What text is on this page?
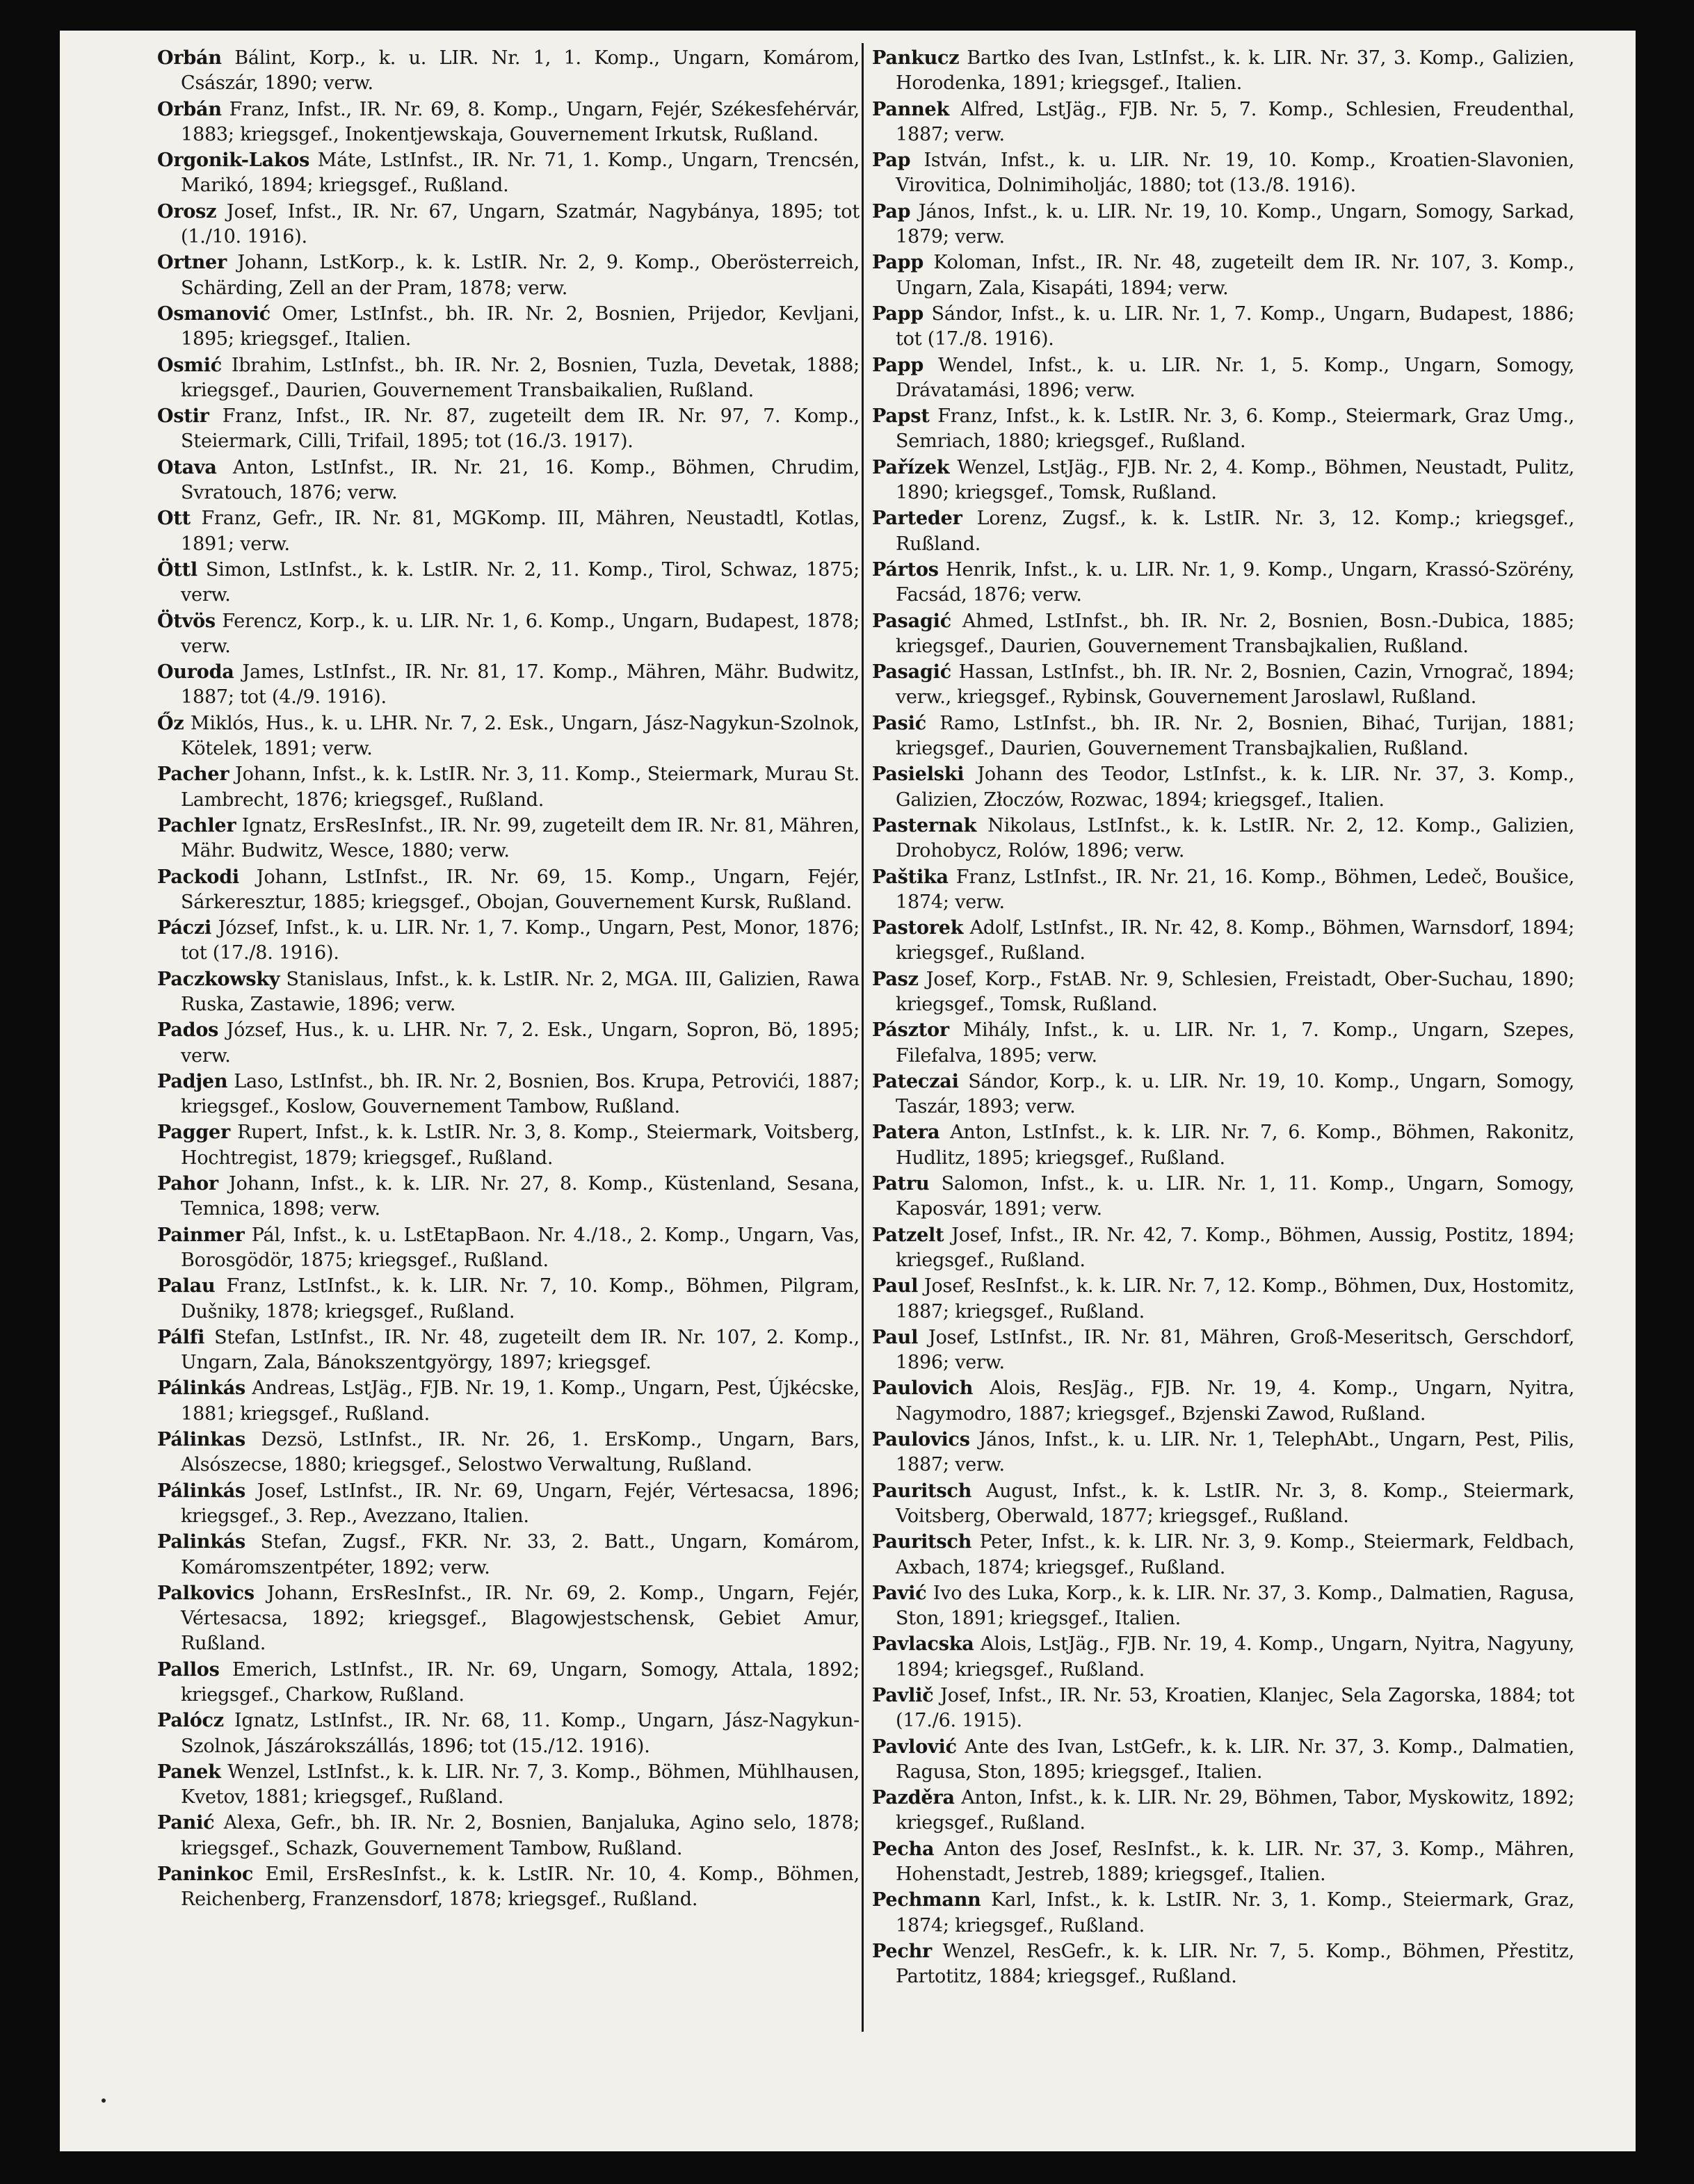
Orbán Bálint, Korp., k. u. LIR. Nr. 1, 1. Komp., Ungarn, Komárom, Császár, 1890; verw.

Orbán Franz, Infst., IR. Nr. 69, 8. Komp., Ungarn, Fejér, Székesfehérvár, 1883; kriegsgef., Inokentjewskaja, Gouvernement Irkutsk, Rußland.

Orgonik-Lakos Máte, LstInfst., IR. Nr. 71, 1. Komp., Ungarn, Trencsén, Marikó, 1894; kriegsgef., Rußland.

Orosz Josef, Infst., IR. Nr. 67, Ungarn, Szatmár, Nagybánya, 1895; tot (1./10. 1916).

Ortner Johann, LstKorp., k. k. LstIR. Nr. 2, 9. Komp., Oberösterreich, Schärding, Zell an der Pram, 1878; verw.

Osmanović Omer, LstInfst., bh. IR. Nr. 2, Bosnien, Prijedor, Kevljani, 1895; kriegsgef., Italien.

Osmić Ibrahim, LstInfst., bh. IR. Nr. 2, Bosnien, Tuzla, Devetak, 1888; kriegsgef., Daurien, Gouvernement Transbaikalien, Rußland.

Ostir Franz, Infst., IR. Nr. 87, zugeteilt dem IR. Nr. 97, 7. Komp., Steiermark, Cilli, Trifail, 1895; tot (16./3. 1917).

Otava Anton, LstInfst., IR. Nr. 21, 16. Komp., Böhmen, Chrudim, Svratouch, 1876; verw.

Ott Franz, Gefr., IR. Nr. 81, MGKomp. III, Mähren, Neustadtl, Kotlas, 1891; verw.

Öttl Simon, LstInfst., k. k. LstIR. Nr. 2, 11. Komp., Tirol, Schwaz, 1875; verw.

Ötvös Ferencz, Korp., k. u. LIR. Nr. 1, 6. Komp., Ungarn, Budapest, 1878; verw.

Ouroda James, LstInfst., IR. Nr. 81, 17. Komp., Mähren, Mähr. Budwitz, 1887; tot (4./9. 1916).

Őz Miklós, Hus., k. u. LHR. Nr. 7, 2. Esk., Ungarn, Jász-Nagykun-Szolnok, Kötelek, 1891; verw.

Pacher Johann, Infst., k. k. LstIR. Nr. 3, 11. Komp., Steiermark, Murau St. Lambrecht, 1876; kriegsgef., Rußland.

Pachler Ignatz, ErsResInfst., IR. Nr. 99, zugeteilt dem IR. Nr. 81, Mähren, Mähr. Budwitz, Wesce, 1880; verw.

Packodi Johann, LstInfst., IR. Nr. 69, 15. Komp., Ungarn, Fejér, Sárkeresztur, 1885; kriegsgef., Obojan, Gouvernement Kursk, Rußland.

Páczi József, Infst., k. u. LIR. Nr. 1, 7. Komp., Ungarn, Pest, Monor, 1876; tot (17./8. 1916).

Paczkowsky Stanislaus, Infst., k. k. LstIR. Nr. 2, MGA. III, Galizien, Rawa Ruska, Zastawie, 1896; verw.

Pados József, Hus., k. u. LHR. Nr. 7, 2. Esk., Ungarn, Sopron, Bö, 1895; verw.

Padjen Laso, LstInfst., bh. IR. Nr. 2, Bosnien, Bos. Krupa, Petrovići, 1887; kriegsgef., Koslow, Gouvernement Tambow, Rußland.

Pagger Rupert, Infst., k. k. LstIR. Nr. 3, 8. Komp., Steiermark, Voitsberg, Hochtregist, 1879; kriegsgef., Rußland.

Pahor Johann, Infst., k. k. LIR. Nr. 27, 8. Komp., Küstenland, Sesana, Temnica, 1898; verw.

Painmer Pál, Infst., k. u. LstEtapBaon. Nr. 4./18., 2. Komp., Ungarn, Vas, Borosgödör, 1875; kriegsgef., Rußland.

Palau Franz, LstInfst., k. k. LIR. Nr. 7, 10. Komp., Böhmen, Pilgram, Dušniky, 1878; kriegsgef., Rußland.

Pálfi Stefan, LstInfst., IR. Nr. 48, zugeteilt dem IR. Nr. 107, 2. Komp., Ungarn, Zala, Bánokszentgyörgy, 1897; kriegsgef.

Pálinkás Andreas, LstJäg., FJB. Nr. 19, 1. Komp., Ungarn, Pest, Újkécske, 1881; kriegsgef., Rußland.

Pálinkas Dezsö, LstInfst., IR. Nr. 26, 1. ErsKomp., Ungarn, Bars, Alsószecse, 1880; kriegsgef., Selostwo Verwaltung, Rußland.

Pálinkás Josef, LstInfst., IR. Nr. 69, Ungarn, Fejér, Vértesacsa, 1896; kriegsgef., 3. Rep., Avezzano, Italien.

Palinkás Stefan, Zugsf., FKR. Nr. 33, 2. Batt., Ungarn, Komárom, Komáromszentpéter, 1892; verw.

Palkovics Johann, ErsResInfst., IR. Nr. 69, 2. Komp., Ungarn, Fejér, Vértesacsa, 1892; kriegsgef., Blagowjestschensk, Gebiet Amur, Rußland.

Pallos Emerich, LstInfst., IR. Nr. 69, Ungarn, Somogy, Attala, 1892; kriegsgef., Charkow, Rußland.

Palócz Ignatz, LstInfst., IR. Nr. 68, 11. Komp., Ungarn, Jász-Nagykun-Szolnok, Jászárokszállás, 1896; tot (15./12. 1916).

Panek Wenzel, LstInfst., k. k. LIR. Nr. 7, 3. Komp., Böhmen, Mühlhausen, Kvetov, 1881; kriegsgef., Rußland.

Panić Alexa, Gefr., bh. IR. Nr. 2, Bosnien, Banjaluka, Agino selo, 1878; kriegsgef., Schazk, Gouvernement Tambow, Rußland.

Paninkoc Emil, ErsResInfst., k. k. LstIR. Nr. 10, 4. Komp., Böhmen, Reichenberg, Franzensdorf, 1878; kriegsgef., Rußland.

Pankucz Bartko des Ivan, LstInfst., k. k. LIR. Nr. 37, 3. Komp., Galizien, Horodenka, 1891; kriegsgef., Italien.

Pannek Alfred, LstJäg., FJB. Nr. 5, 7. Komp., Schlesien, Freudenthal, 1887; verw.

Pap István, Infst., k. u. LIR. Nr. 19, 10. Komp., Kroatien-Slavonien, Virovitica, Dolnimiholjác, 1880; tot (13./8. 1916).

Pap János, Infst., k. u. LIR. Nr. 19, 10. Komp., Ungarn, Somogy, Sarkad, 1879; verw.

Papp Koloman, Infst., IR. Nr. 48, zugeteilt dem IR. Nr. 107, 3. Komp., Ungarn, Zala, Kisapáti, 1894; verw.

Papp Sándor, Infst., k. u. LIR. Nr. 1, 7. Komp., Ungarn, Budapest, 1886; tot (17./8. 1916).

Papp Wendel, Infst., k. u. LIR. Nr. 1, 5. Komp., Ungarn, Somogy, Drávatamási, 1896; verw.

Papst Franz, Infst., k. k. LstIR. Nr. 3, 6. Komp., Steiermark, Graz Umg., Semriach, 1880; kriegsgef., Rußland.

Pařízek Wenzel, LstJäg., FJB. Nr. 2, 4. Komp., Böhmen, Neustadt, Pulitz, 1890; kriegsgef., Tomsk, Rußland.

Parteder Lorenz, Zugsf., k. k. LstIR. Nr. 3, 12. Komp.; kriegsgef., Rußland.

Pártos Henrik, Infst., k. u. LIR. Nr. 1, 9. Komp., Ungarn, Krassó-Szörény, Facsád, 1876; verw.

Pasagić Ahmed, LstInfst., bh. IR. Nr. 2, Bosnien, Bosn.-Dubica, 1885; kriegsgef., Daurien, Gouvernement Transbajkalien, Rußland.

Pasagić Hassan, LstInfst., bh. IR. Nr. 2, Bosnien, Cazin, Vrnograč, 1894; verw., kriegsgef., Rybinsk, Gouvernement Jaroslawl, Rußland.

Pasić Ramo, LstInfst., bh. IR. Nr. 2, Bosnien, Bihać, Turijan, 1881; kriegsgef., Daurien, Gouvernement Transbajkalien, Rußland.

Pasielski Johann des Teodor, LstInfst., k. k. LIR. Nr. 37, 3. Komp., Galizien, Złoczów, Rozwac, 1894; kriegsgef., Italien.

Pasternak Nikolaus, LstInfst., k. k. LstIR. Nr. 2, 12. Komp., Galizien, Drohobycz, Rolów, 1896; verw.

Paštika Franz, LstInfst., IR. Nr. 21, 16. Komp., Böhmen, Ledeč, Boušice, 1874; verw.

Pastorek Adolf, LstInfst., IR. Nr. 42, 8. Komp., Böhmen, Warnsdorf, 1894; kriegsgef., Rußland.

Pasz Josef, Korp., FstAB. Nr. 9, Schlesien, Freistadt, Ober-Suchau, 1890; kriegsgef., Tomsk, Rußland.

Pásztor Mihály, Infst., k. u. LIR. Nr. 1, 7. Komp., Ungarn, Szepes, Filefalva, 1895; verw.

Pateczai Sándor, Korp., k. u. LIR. Nr. 19, 10. Komp., Ungarn, Somogy, Taszár, 1893; verw.

Patera Anton, LstInfst., k. k. LIR. Nr. 7, 6. Komp., Böhmen, Rakonitz, Hudlitz, 1895; kriegsgef., Rußland.

Patru Salomon, Infst., k. u. LIR. Nr. 1, 11. Komp., Ungarn, Somogy, Kaposvár, 1891; verw.

Patzelt Josef, Infst., IR. Nr. 42, 7. Komp., Böhmen, Aussig, Postitz, 1894; kriegsgef., Rußland.

Paul Josef, ResInfst., k. k. LIR. Nr. 7, 12. Komp., Böhmen, Dux, Hostomitz, 1887; kriegsgef., Rußland.

Paul Josef, LstInfst., IR. Nr. 81, Mähren, Groß-Meseritsch, Gerschdorf, 1896; verw.

Paulovich Alois, ResJäg., FJB. Nr. 19, 4. Komp., Ungarn, Nyitra, Nagymodro, 1887; kriegsgef., Bzjenski Zawod, Rußland.

Paulovics János, Infst., k. u. LIR. Nr. 1, TelephAbt., Ungarn, Pest, Pilis, 1887; verw.

Pauritsch August, Infst., k. k. LstIR. Nr. 3, 8. Komp., Steiermark, Voitsberg, Oberwald, 1877; kriegsgef., Rußland.

Pauritsch Peter, Infst., k. k. LIR. Nr. 3, 9. Komp., Steiermark, Feldbach, Axbach, 1874; kriegsgef., Rußland.

Pavić Ivo des Luka, Korp., k. k. LIR. Nr. 37, 3. Komp., Dalmatien, Ragusa, Ston, 1891; kriegsgef., Italien.

Pavlacska Alois, LstJäg., FJB. Nr. 19, 4. Komp., Ungarn, Nyitra, Nagyuny, 1894; kriegsgef., Rußland.

Pavlič Josef, Infst., IR. Nr. 53, Kroatien, Klanjec, Sela Zagorska, 1884; tot (17./6. 1915).

Pavlović Ante des Ivan, LstGefr., k. k. LIR. Nr. 37, 3. Komp., Dalmatien, Ragusa, Ston, 1895; kriegsgef., Italien.

Pazděra Anton, Infst., k. k. LIR. Nr. 29, Böhmen, Tabor, Myskowitz, 1892; kriegsgef., Rußland.

Pecha Anton des Josef, ResInfst., k. k. LIR. Nr. 37, 3. Komp., Mähren, Hohenstadt, Jestreb, 1889; kriegsgef., Italien.

Pechmann Karl, Infst., k. k. LstIR. Nr. 3, 1. Komp., Steiermark, Graz, 1874; kriegsgef., Rußland.

Pechr Wenzel, ResGefr., k. k. LIR. Nr. 7, 5. Komp., Böhmen, Přestitz, Partotitz, 1884; kriegsgef., Rußland.
